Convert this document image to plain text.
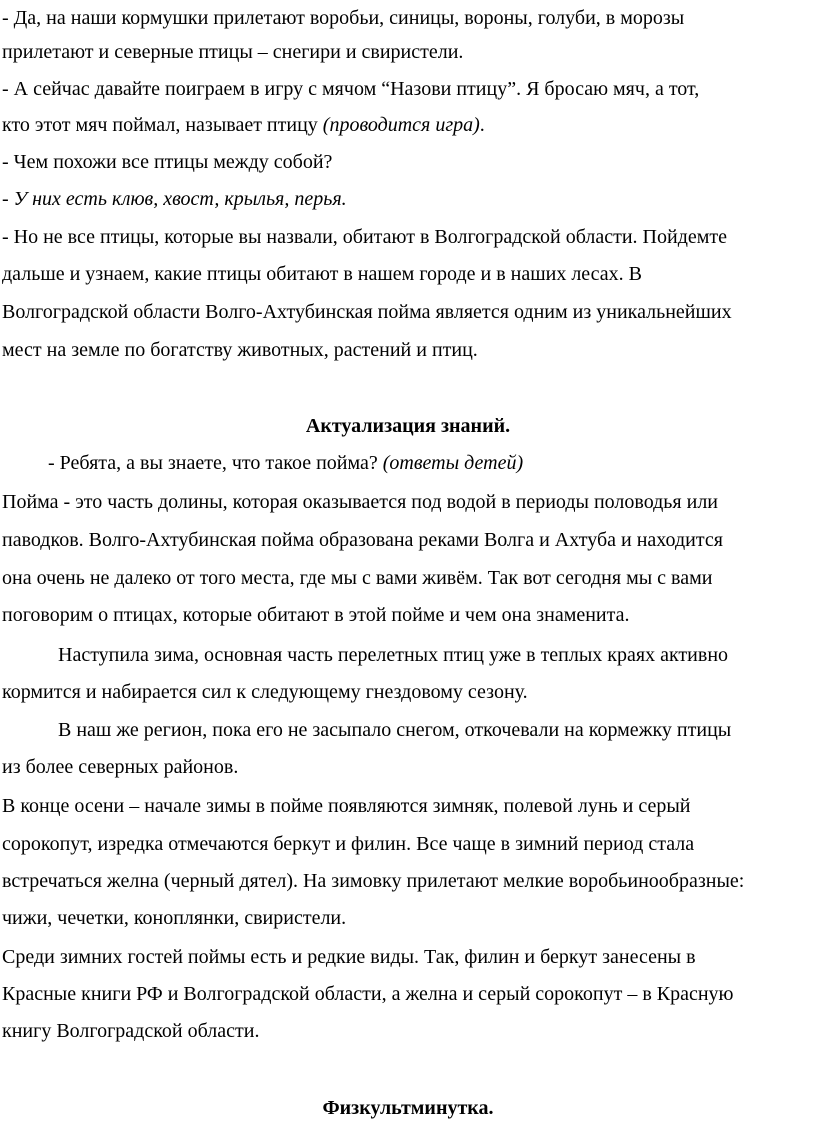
- Да, на наши кормушки прилетают воробьи, синицы, вороны, голуби, в морозы
прилетают и северные птицы – снегири и свиристели.
- А сейчас давайте поиграем в игру с мячом “Назови птицу”. Я бросаю мяч, а тот,
кто этот мяч поймал, называет птицу (проводится игра).
- Чем похожи все птицы между собой?
- У них есть клюв, хвост, крылья, перья.
- Но не все птицы, которые вы назвали, обитают в Волгоградской области. Пойдемте
дальше и узнаем, какие птицы обитают в нашем городе и в наших лесах. В
Волгоградской области Волго-Ахтубинская пойма является одним из уникальнейших
мест на земле по богатству животных, растений и птиц.
Актуализация знаний.
- Ребята, а вы знаете, что такое пойма? (ответы детей)
Пойма - это часть долины, которая оказывается под водой в периоды половодья или
паводков. Волго-Ахтубинская пойма образована реками Волга и Ахтуба и находится
она очень не далеко от того места, где мы с вами живём. Так вот сегодня мы с вами
поговорим о птицах, которые обитают в этой пойме и чем она знаменита.
Наступила зима, основная часть перелетных птиц уже в теплых краях активно
кормится и набирается сил к следующему гнездовому сезону.
В наш же регион, пока его не засыпало снегом, откочевали на кормежку птицы
из более северных районов.
В конце осени – начале зимы в пойме появляются зимняк, полевой лунь и серый
сорокопут, изредка отмечаются беркут и филин. Все чаще в зимний период стала
встречаться желна (черный дятел). На зимовку прилетают мелкие воробьинообразные:
чижи, чечетки, коноплянки, свиристели.
Среди зимних гостей поймы есть и редкие виды. Так, филин и беркут занесены в
Красные книги РФ и Волгоградской области, а желна и серый сорокопут – в Красную
книгу Волгоградской области.
Физкультминутка.
